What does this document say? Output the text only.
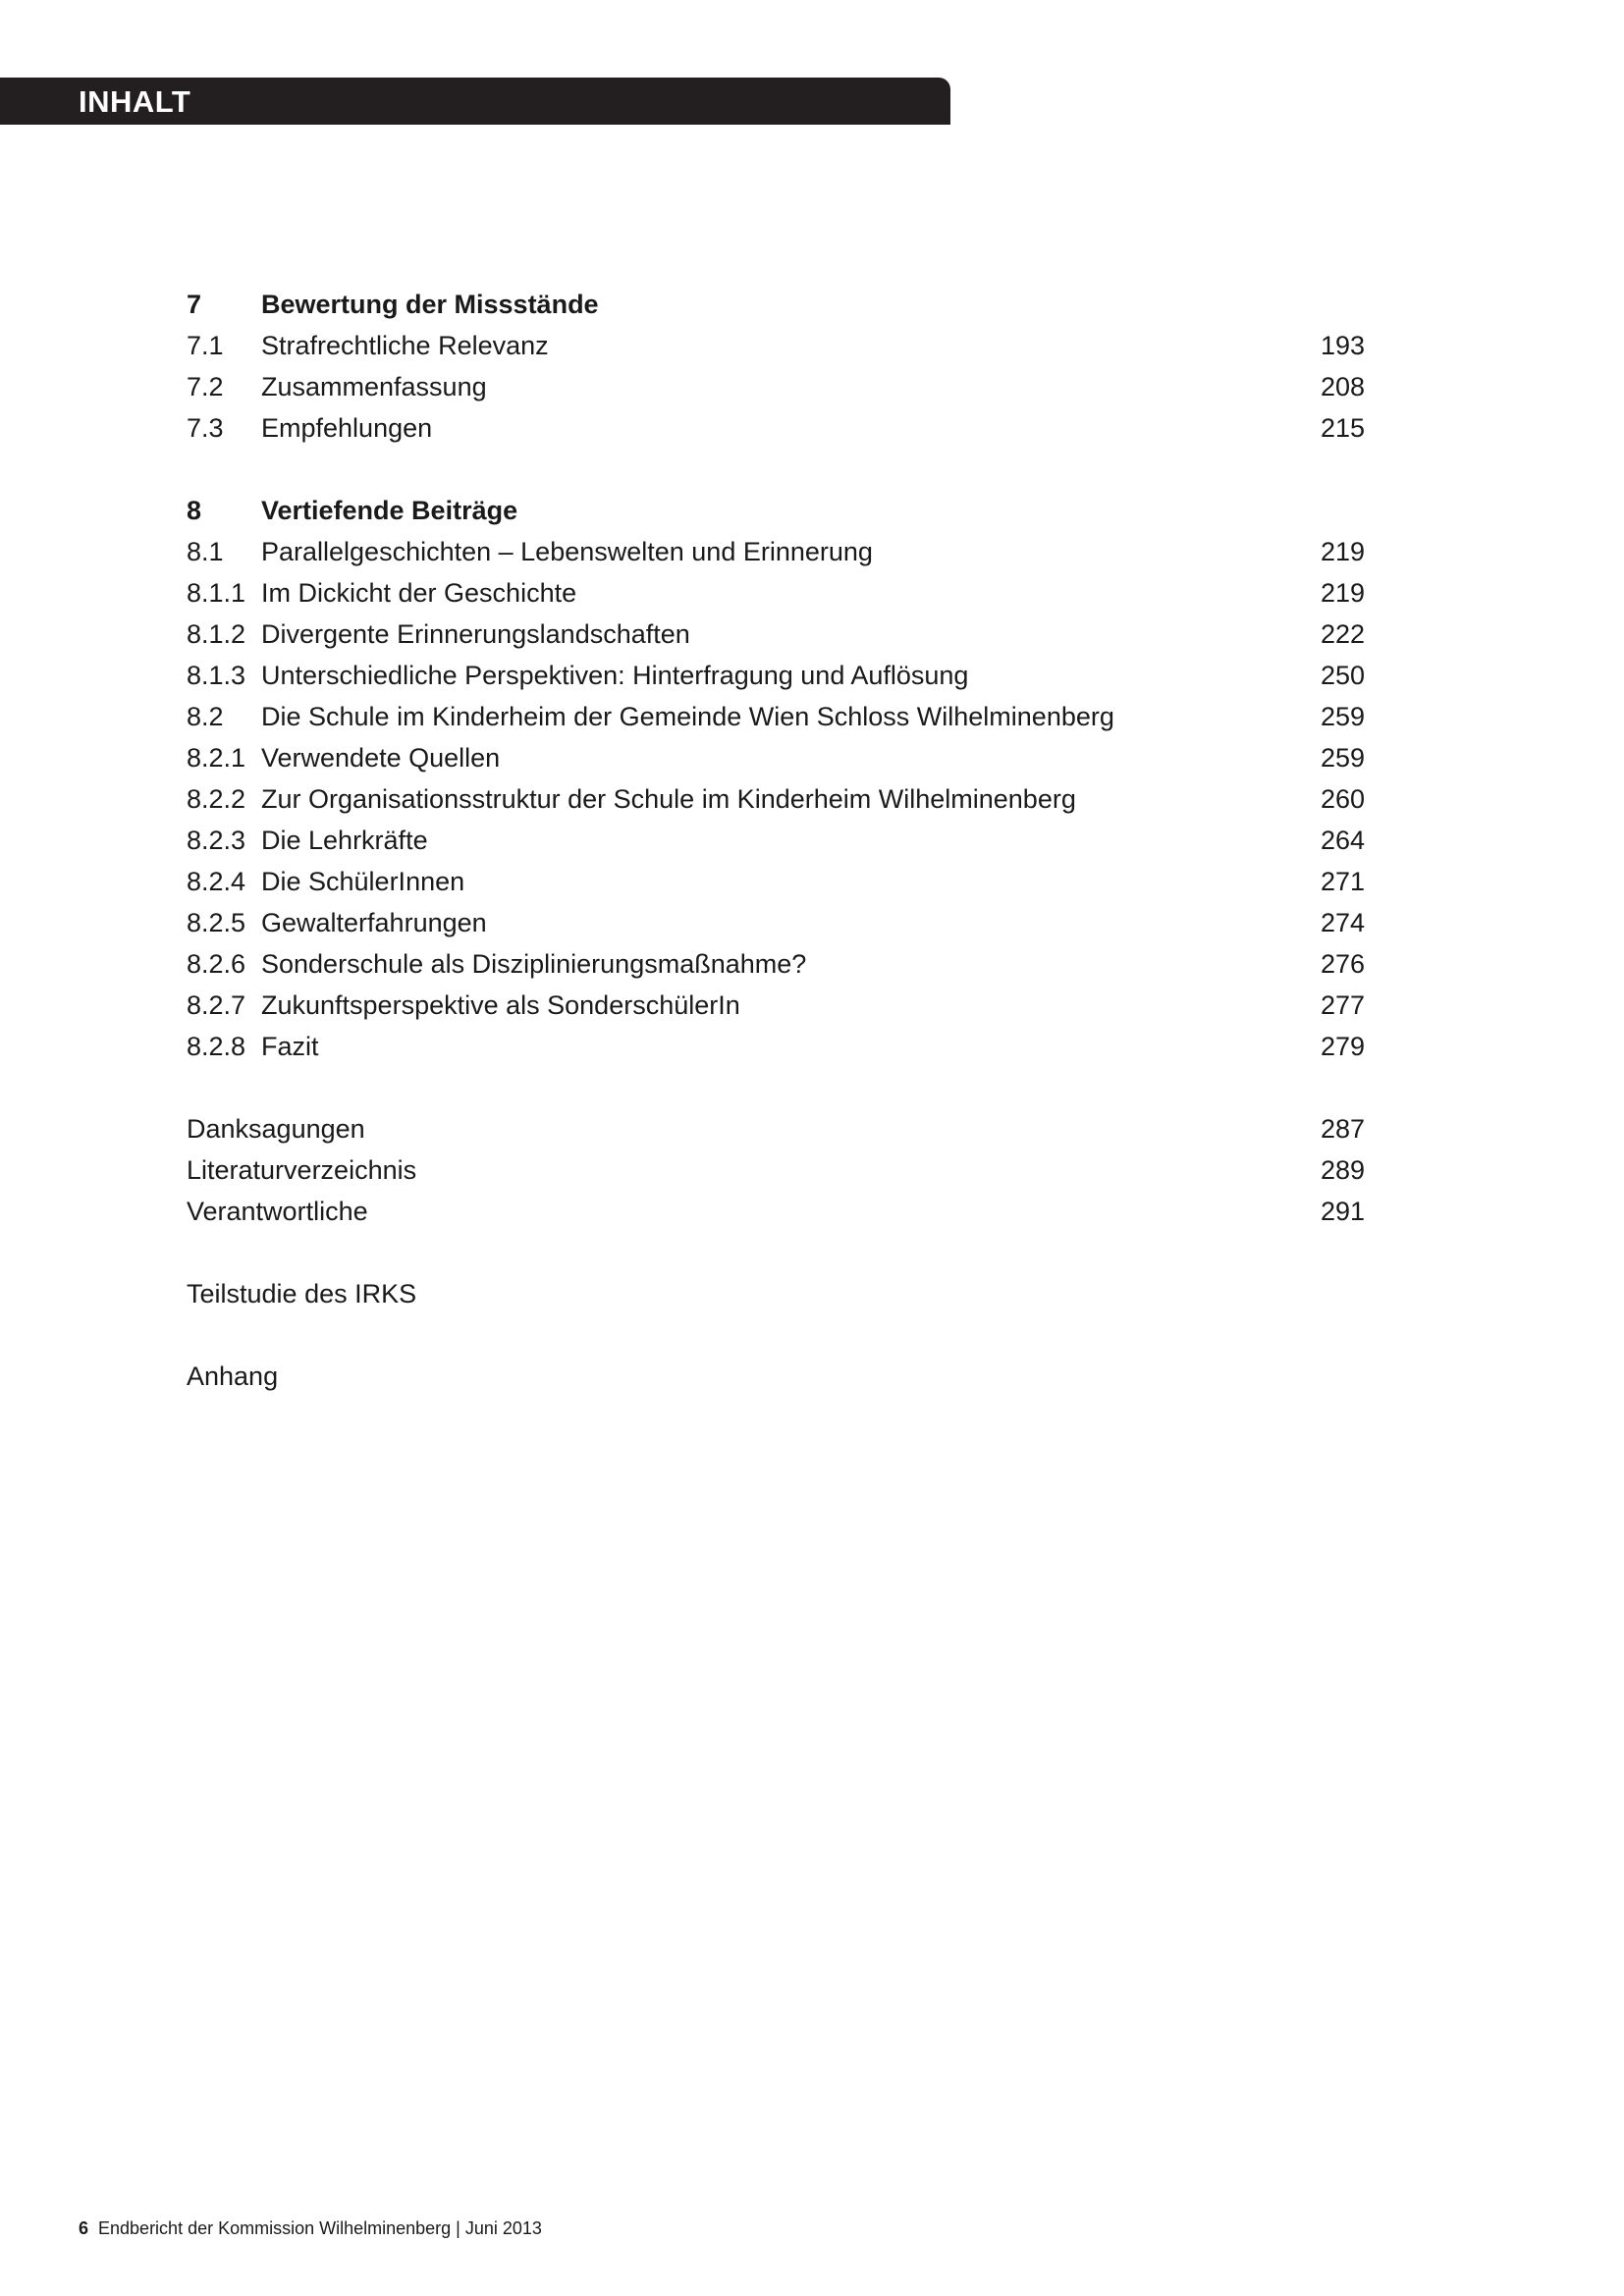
INHALT
7 Bewertung der Missstände
7.1 Strafrechtliche Relevanz	193
7.2 Zusammenfassung	208
7.3 Empfehlungen	215
8 Vertiefende Beiträge
8.1 Parallelgeschichten – Lebenswelten und Erinnerung	219
8.1.1 Im Dickicht der Geschichte	219
8.1.2 Divergente Erinnerungslandschaften	222
8.1.3 Unterschiedliche Perspektiven: Hinterfragung und Auflösung	250
8.2 Die Schule im Kinderheim der Gemeinde Wien Schloss Wilhelminenberg	259
8.2.1 Verwendete Quellen	259
8.2.2 Zur Organisationsstruktur der Schule im Kinderheim Wilhelminenberg	260
8.2.3 Die Lehrkräfte	264
8.2.4 Die SchülerInnen	271
8.2.5 Gewalterfahrungen	274
8.2.6 Sonderschule als Disziplinierungsmaßnahme?	276
8.2.7 Zukunftsperspektive als SonderschülerIn	277
8.2.8 Fazit	279
Danksagungen	287
Literaturverzeichnis	289
Verantwortliche	291
Teilstudie des IRKS
Anhang
6 Endbericht der Kommission Wilhelminenberg | Juni 2013
